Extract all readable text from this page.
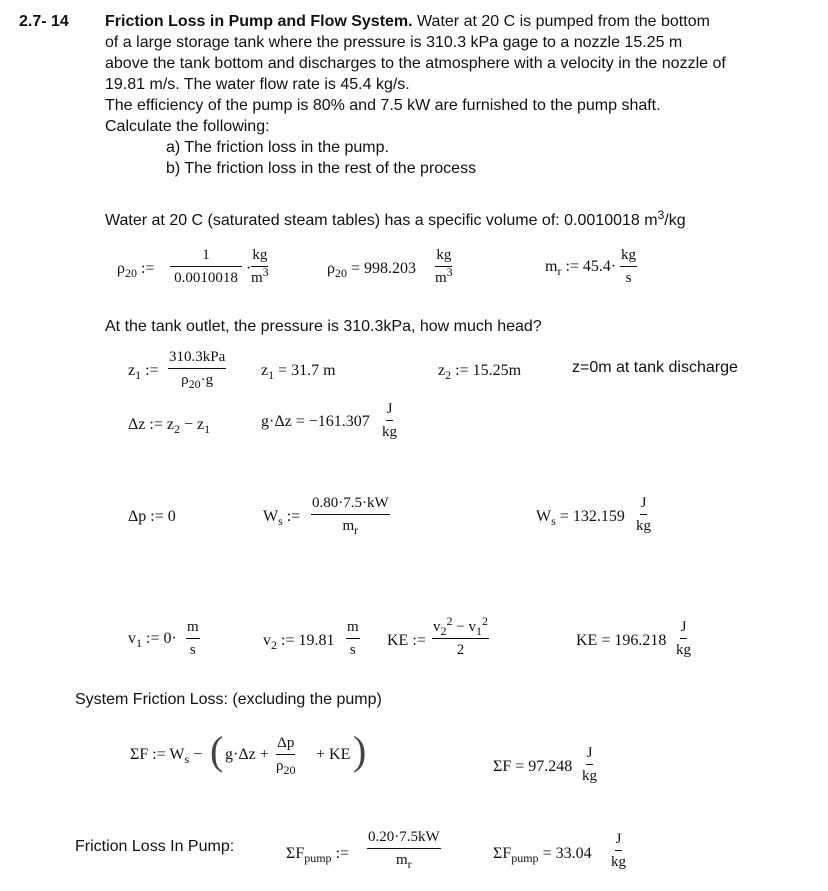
2.7- 14 Friction Loss in Pump and Flow System. Water at 20 C is pumped from the bottom
of a large storage tank where the pressure is 310.3 kPa gage to a nozzle 15.25 m
above the tank bottom and discharges to the atmosphere with a velocity in the nozzle of
19.81 m/s. The water flow rate is 45.4 kg/s.
The efficiency of the pump is 80% and 7.5 kW are furnished to the pump shaft.
Calculate the following:
a) The friction loss in the pump.
b) The friction loss in the rest of the process
Water at 20 C (saturated steam tables) has a specific volume of: 0.0010018 $m^3/kg$
$\rho_{20}$ := $\frac{1}{0.0010018} \cdot \frac{kg}{m^3}$	$\rho_{20} = 998.203 \frac{kg}{m^3}$	$m_r$ := $45.4\cdot \frac{kg}{s}$
At the tank outlet, the pressure is 310.3kPa, how much head?
$z_1$ :=
310.3kPa
$\rho_{20}\cdot g$
$z_1 = 31.7$ m	$z_2$ := 15.25m	z=0m at tank discharge
Δz := $z_2 - z_1$	$g\cdot\Delta z = -161.307 \frac{J}{kg}$
Δp := 0	$W_s$ := $\frac{0.80\cdot 7.5\cdot kW}{m_r}$	$W_s = 132.159 \frac{J}{kg}$
$v_1$ := $0\cdot \frac{m}{s}$	$v_2$ := $19.81 \frac{m}{s}$ KE := $\frac{v_2^2 - v_1^2}{2}$	KE = $196.218 \frac{J}{kg}$
System Friction Loss: (excluding the pump)
ΣF := $W_s$ − ( $g\cdot\Delta z + \frac{\Delta p}{\rho_{20}}$ + KE )	$\Sigma F = 97.248 \frac{J}{kg}$
Friction Loss In Pump:	$\Sigma F_{pump}$ := $\frac{0.20\cdot 7.5kW}{m_r}$	$\Sigma F_{pump} = 33.04 \frac{J}{kg}$
